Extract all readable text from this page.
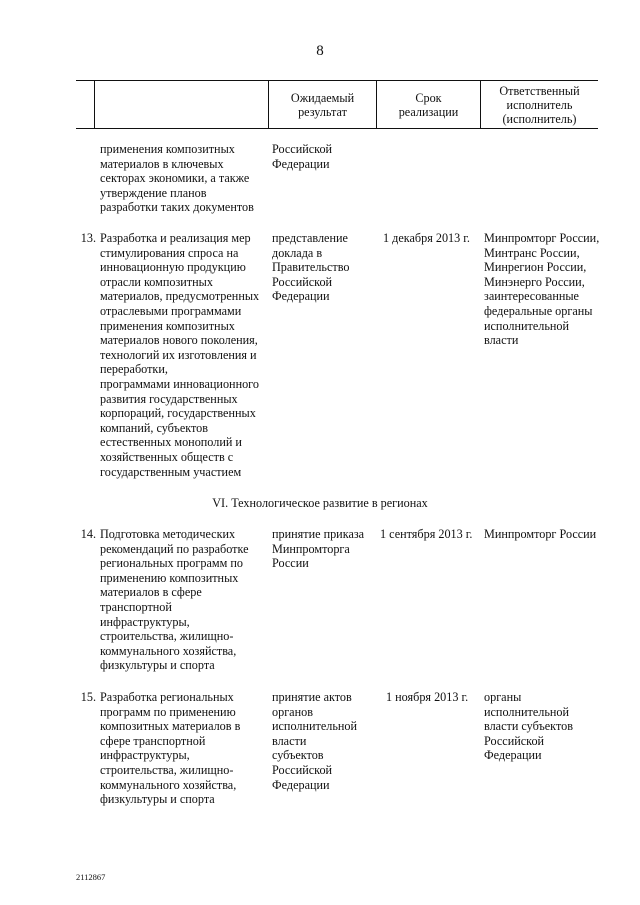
8
Ожидаемый
результат
Срок
реализации
Ответственный
исполнитель
(исполнитель)
применения композитных
материалов в ключевых
секторах экономики, а также
утверждение планов
разработки таких документов
Российской
Федерации
13. Разработка и реализация мер
стимулирования спроса на
инновационную продукцию
отрасли композитных
материалов, предусмотренных
отраслевыми программами
применения композитных
материалов нового поколения,
технологий их изготовления и
переработки,
программами инновационного
развития государственных
корпораций, государственных
компаний, субъектов
естественных монополий и
хозяйственных обществ с
государственным участием
представление
доклада в
Правительство
Российской
Федерации
1 декабря 2013 г.	Минпромторг России,
Минтранс России,
Минрегион России,
Минэнерго России,
заинтересованные
федеральные органы
исполнительной
власти
VI. Технологическое развитие в регионах
14. Подготовка методических
рекомендаций по разработке
региональных программ по
применению композитных
материалов в сфере
транспортной
инфраструктуры,
строительства, жилищно-
коммунального хозяйства,
физкультуры и спорта
принятие приказа
Минпромторга
России
1 сентября 2013 г. Минпромторг России
15. Разработка региональных
программ по применению
композитных материалов в
сфере транспортной
инфраструктуры,
строительства, жилищно-
коммунального хозяйства,
физкультуры и спорта
принятие актов
органов
исполнительной
власти
субъектов
Российской
Федерации
1 ноября 2013 г.	органы
исполнительной
власти субъектов
Российской
Федерации
2112867
